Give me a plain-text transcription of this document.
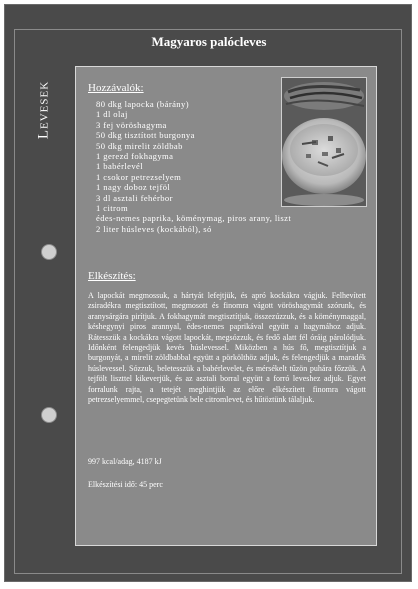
Magyaros palócleves
Levesek	Hozzávalók:
80 dkg lapocka (bárány)
1 dl olaj
3 fej vöröshagyma
50 dkg tisztított burgonya
50 dkg mirelit zöldbab
1 gerezd fokhagyma
1 babérlevél
1 csokor petrezselyem
1 nagy doboz tejföl
3 dl asztali fehérbor
1 citrom
édes-nemes paprika, köménymag, piros arany, liszt
2 liter húsleves (kockából), só
Elkészítés:
A lapockát megmossuk, a hártyát lefejtjük, és apró kockákra vágjuk. Felhevített zsiradékra megtisztított, megmosott és finomra vágott vöröshagymát szórunk, és aranysárgára pirítjuk. A fokhagymát megtisztítjuk, összezúzzuk, és a köménymaggal, késhegynyi piros arannyal, édes-nemes paprikával együtt a hagymához adjuk. Rátesszük a kockákra vágott lapockát, megsózzuk, és fedő alatt fél óráig párolódjuk. Időnként felengedjük kevés húslevessel. Miközben a hús fő, megtisztítjuk a burgonyát, a mirelit zöldbabbal együtt a pörkölthöz adjuk, és felengedjük a maradék húslevessel. Sózzuk, beletesszük a babérlevelet, és mérsékelt tűzön puhára főzzük. A tejfölt liszttel kikeverjük, és az asztali borral együtt a forró leveshez adjuk. Egyet forralunk rajta, a tetejét meghintjük az előre elkészített finomra vágott petrezselyemmel, csepegtetünk bele citromlevet, és hűtöztünk tálaljuk.
997 kcal/adag, 4187 kJ
Elkészítési idő: 45 perc
